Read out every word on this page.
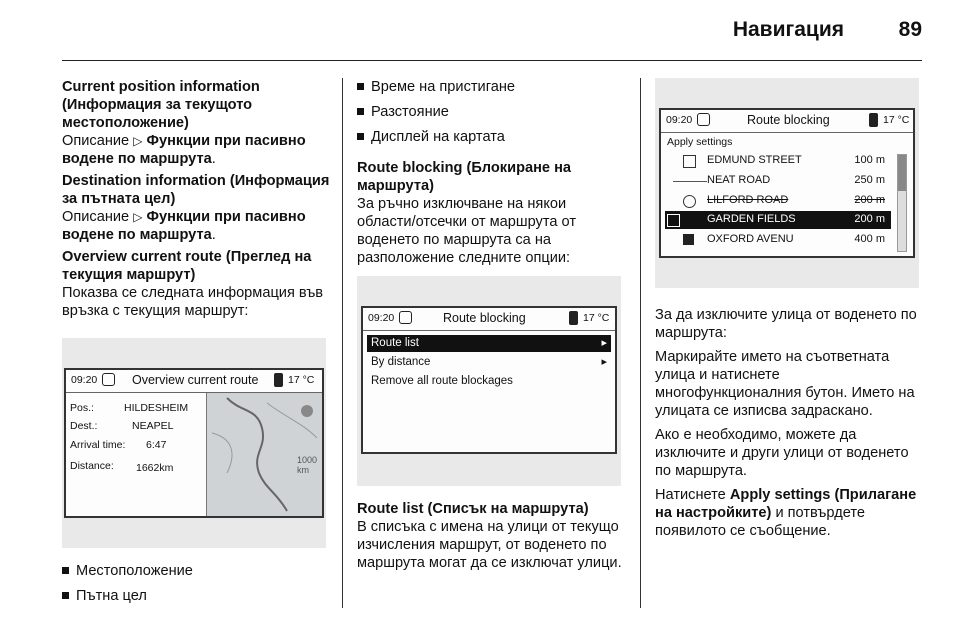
Навигация	89
Current position information (Информация за текущото местоположение)
Описание ▷ Функции при пасивно водене по маршрута.
Destination information (Информация за пътната цел)
Описание ▷ Функции при пасивно водене по маршрута.
Overview current route (Преглед на текущия маршрут)
Показва се следната информация във връзка с текущия маршрут:
09:20	Overview current route	17 °C
Pos.:	HILDESHEIM
Dest.:	NEAPEL
Arrival time: 6:47
Distance: 1662km
1000 km
Местоположение
Пътна цел
Време на пристигане
Разстояние
Дисплей на картата
Route blocking (Блокиране на маршрута)
За ръчно изключване на някои области/отсечки от маршрута от воденето по маршрута са на разположение следните опции:
09:20	Route blocking	17 °C
Route list	▸
By distance	▸
Remove all route blockages
Route list (Списък на маршрута)
В списъка с имена на улици от текущо изчисления маршрут, от воденето по маршрута могат да се изключат улици.
09:20	Route blocking	17 °C
Apply settings
EDMUND STREET	100 m
NEAT ROAD	250 m
LILFORD ROAD	200 m
GARDEN FIELDS	200 m
OXFORD AVENU	400 m
За да изключите улица от воденето по маршрута:
Маркирайте името на съответната улица и натиснете многофункционалния бутон. Името на улицата се изписва задраскано.
Ако е необходимо, можете да изключите и други улици от воденето по маршрута.
Натиснете Apply settings (Прилагане на настройките) и потвърдете появилото се съобщение.
